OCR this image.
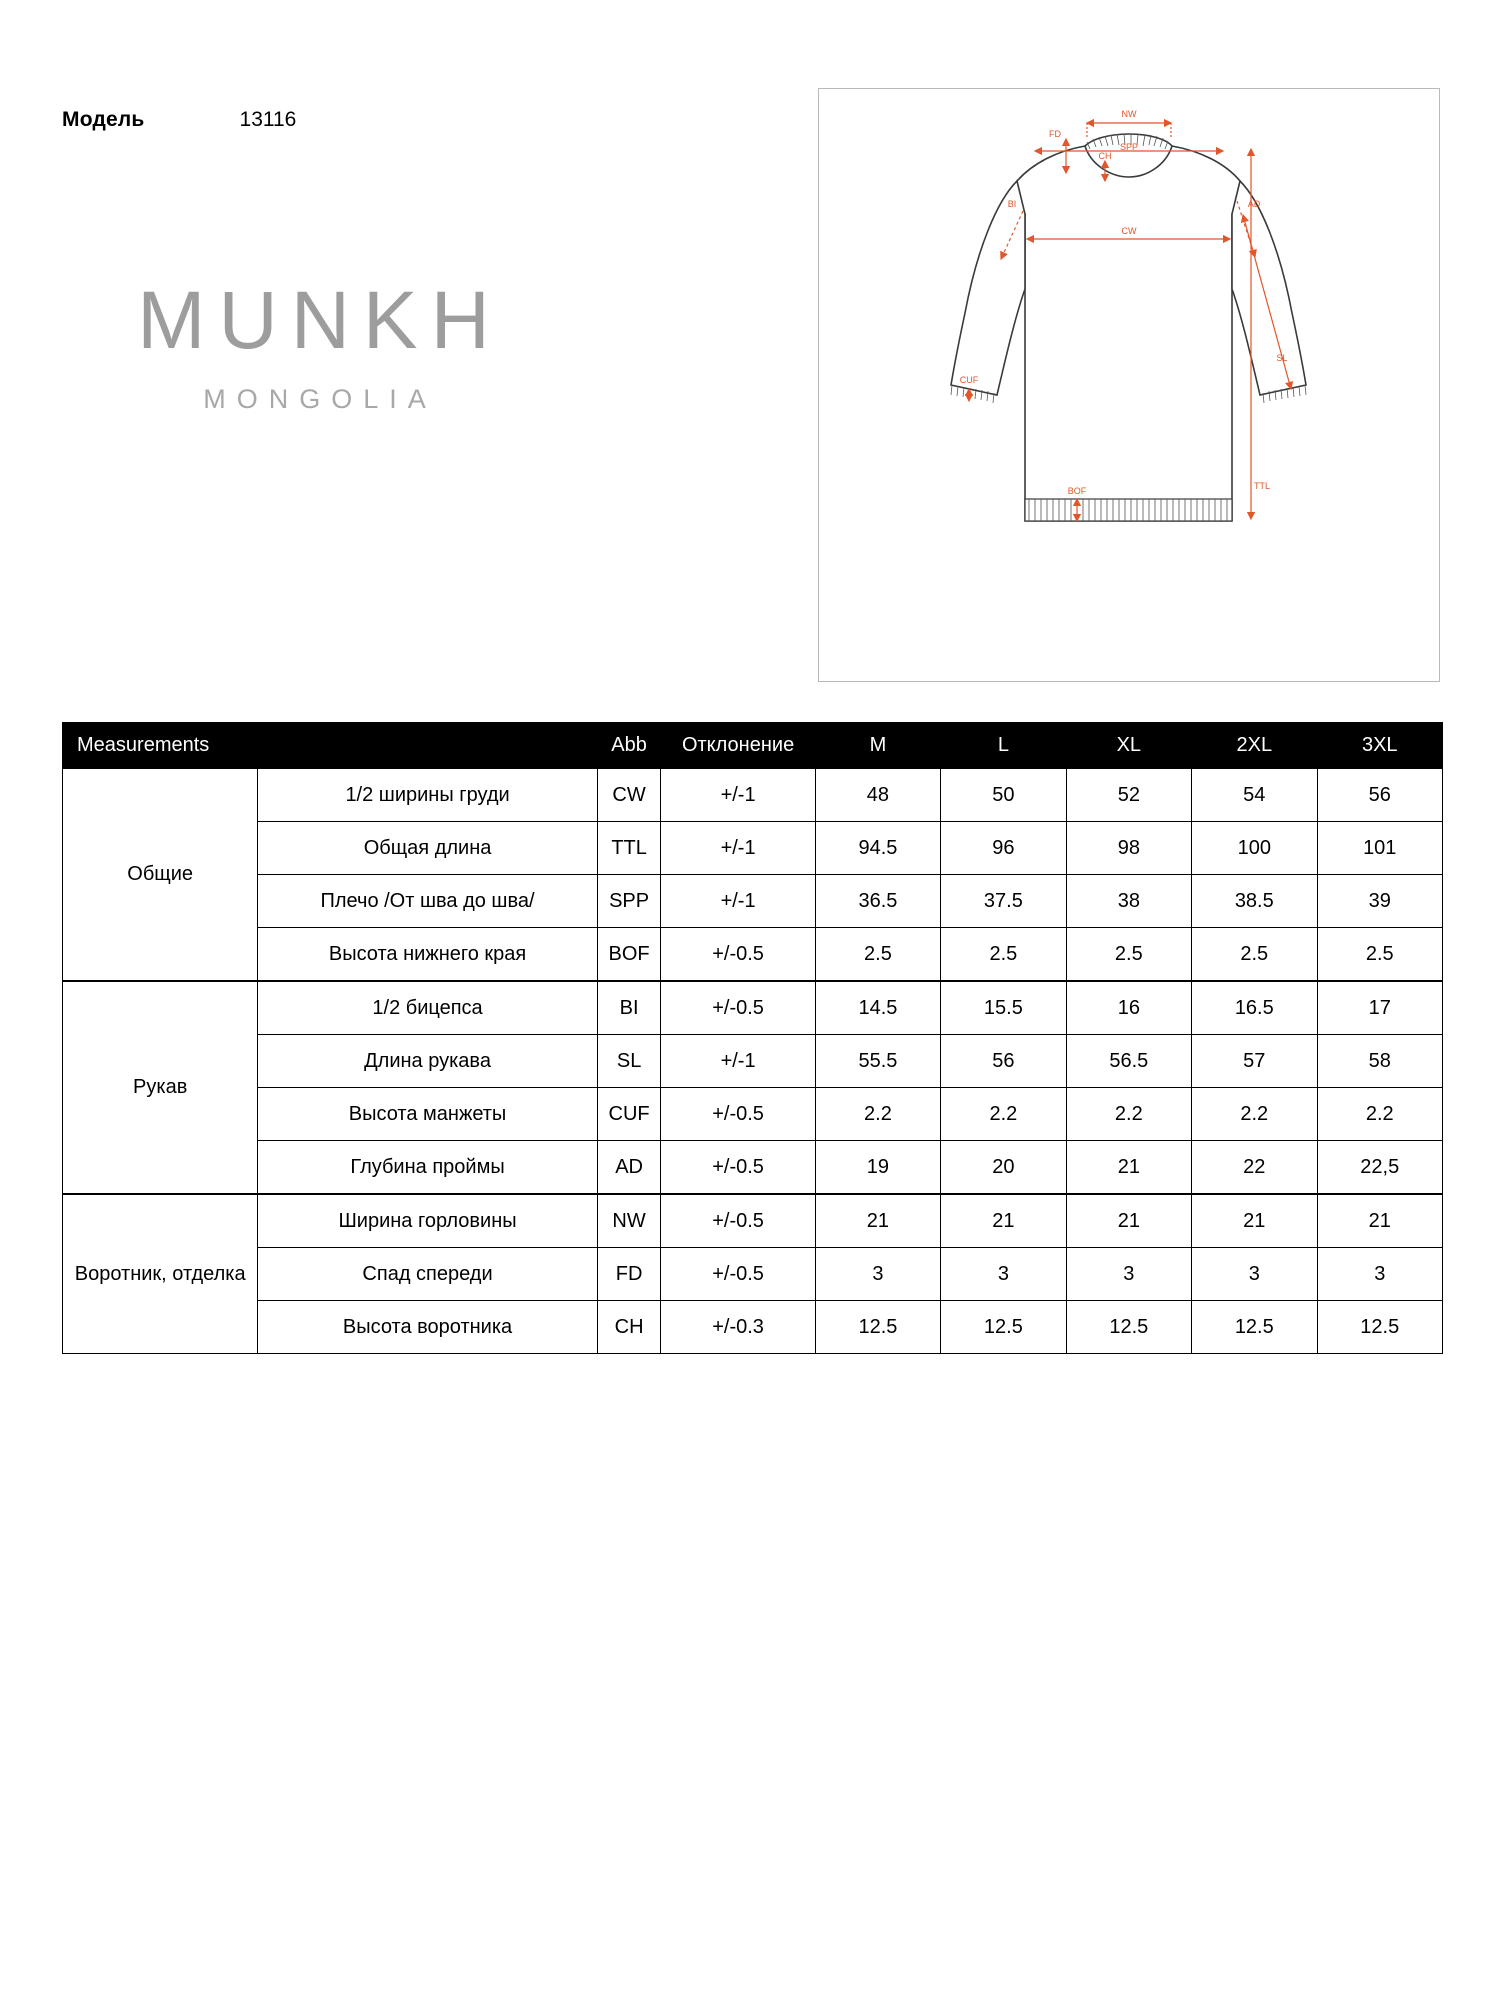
Модель	13116
MUNKH
MONGOLIA
NW
FD
SPP
CH
BI	AD
CW
SL
CUF
TTL
BOF
Measurements		Abb	Отклонение	M	L	XL	2XL	3XL
Общие	1/2 ширины груди	CW	+/-1	48	50	52	54	56
	Общая длина	TTL	+/-1	94.5	96	98	100	101
	Плечо /От шва до шва/	SPP	+/-1	36.5	37.5	38	38.5	39
	Высота нижнего края	BOF	+/-0.5	2.5	2.5	2.5	2.5	2.5
Рукав	1/2 бицепса	BI	+/-0.5	14.5	15.5	16	16.5	17
	Длина рукава	SL	+/-1	55.5	56	56.5	57	58
	Высота манжеты	CUF	+/-0.5	2.2	2.2	2.2	2.2	2.2
	Глубина проймы	AD	+/-0.5	19	20	21	22	22,5
Воротник, отделка	Ширина горловины	NW	+/-0.5	21	21	21	21	21
	Спад спереди	FD	+/-0.5	3	3	3	3	3
	Высота воротника	CH	+/-0.3	12.5	12.5	12.5	12.5	12.5
